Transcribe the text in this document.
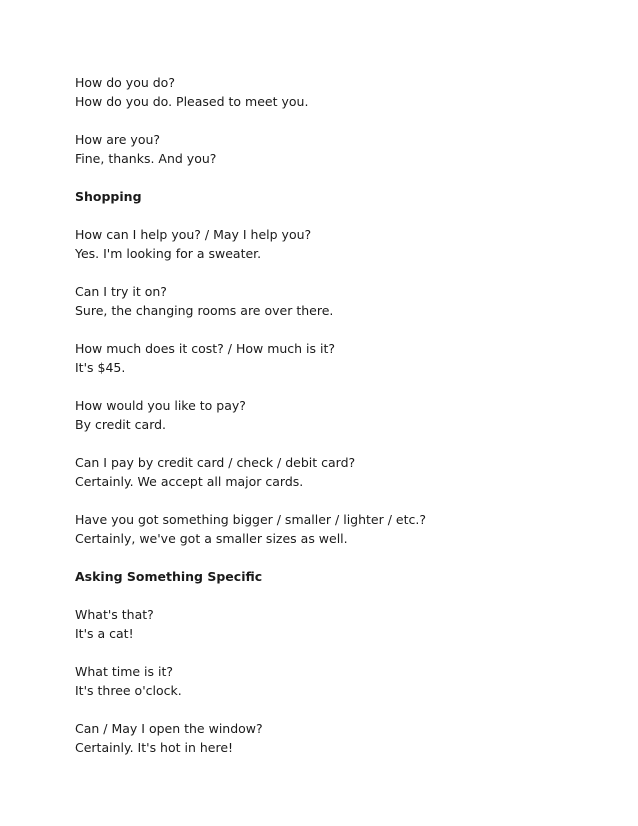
How do you do?
How do you do. Pleased to meet you.
How are you?
Fine, thanks. And you?
Shopping
How can I help you? / May I help you?
Yes. I'm looking for a sweater.
Can I try it on?
Sure, the changing rooms are over there.
How much does it cost? / How much is it?
It's $45.
How would you like to pay?
By credit card.
Can I pay by credit card / check / debit card?
Certainly. We accept all major cards.
Have you got something bigger / smaller / lighter / etc.?
Certainly, we've got a smaller sizes as well.
Asking Something Specific
What's that?
It's a cat!
What time is it?
It's three o'clock.
Can / May I open the window?
Certainly. It's hot in here!
